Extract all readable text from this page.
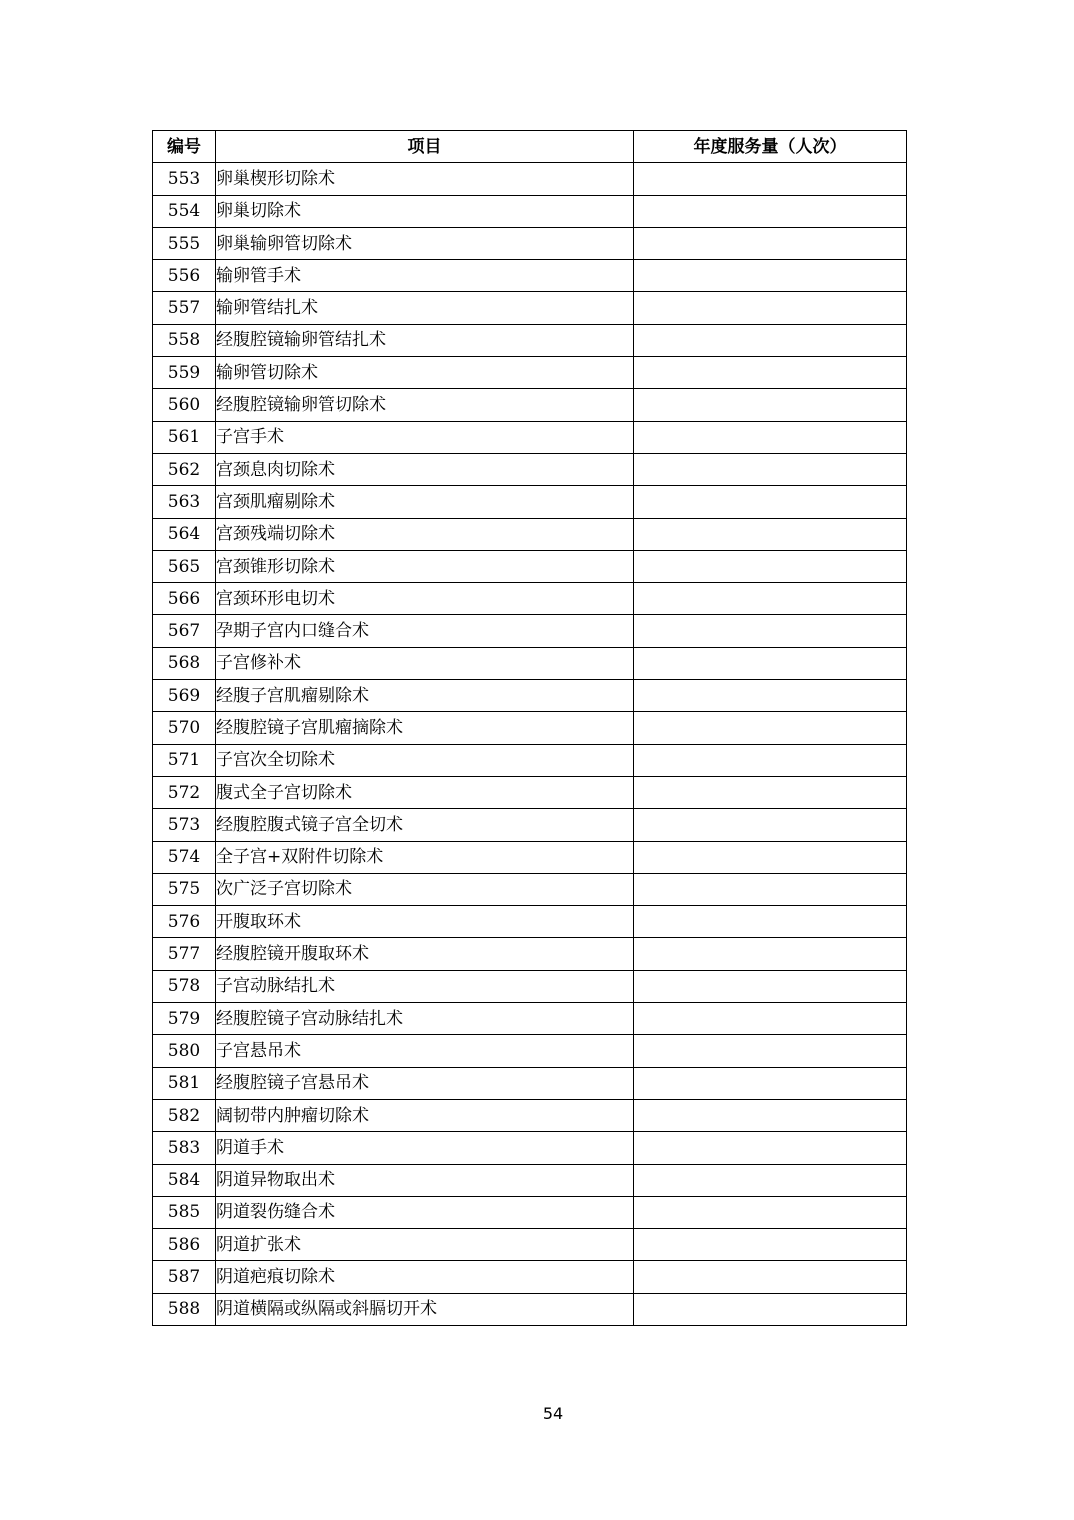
编号	项目	年度服务量（人次）
553	卵巢楔形切除术	
554	卵巢切除术	
555	卵巢输卵管切除术	
556	输卵管手术	
557	输卵管结扎术	
558	经腹腔镜输卵管结扎术	
559	输卵管切除术	
560	经腹腔镜输卵管切除术	
561	子宫手术	
562	宫颈息肉切除术	
563	宫颈肌瘤剔除术	
564	宫颈残端切除术	
565	宫颈锥形切除术	
566	宫颈环形电切术	
567	孕期子宫内口缝合术	
568	子宫修补术	
569	经腹子宫肌瘤剔除术	
570	经腹腔镜子宫肌瘤摘除术	
571	子宫次全切除术	
572	腹式全子宫切除术	
573	经腹腔腹式镜子宫全切术	
574	全子宫+双附件切除术	
575	次广泛子宫切除术	
576	开腹取环术	
577	经腹腔镜开腹取环术	
578	子宫动脉结扎术	
579	经腹腔镜子宫动脉结扎术	
580	子宫悬吊术	
581	经腹腔镜子宫悬吊术	
582	阔韧带内肿瘤切除术	
583	阴道手术	
584	阴道异物取出术	
585	阴道裂伤缝合术	
586	阴道扩张术	
587	阴道疤痕切除术	
588	阴道横隔或纵隔或斜膈切开术	
54
